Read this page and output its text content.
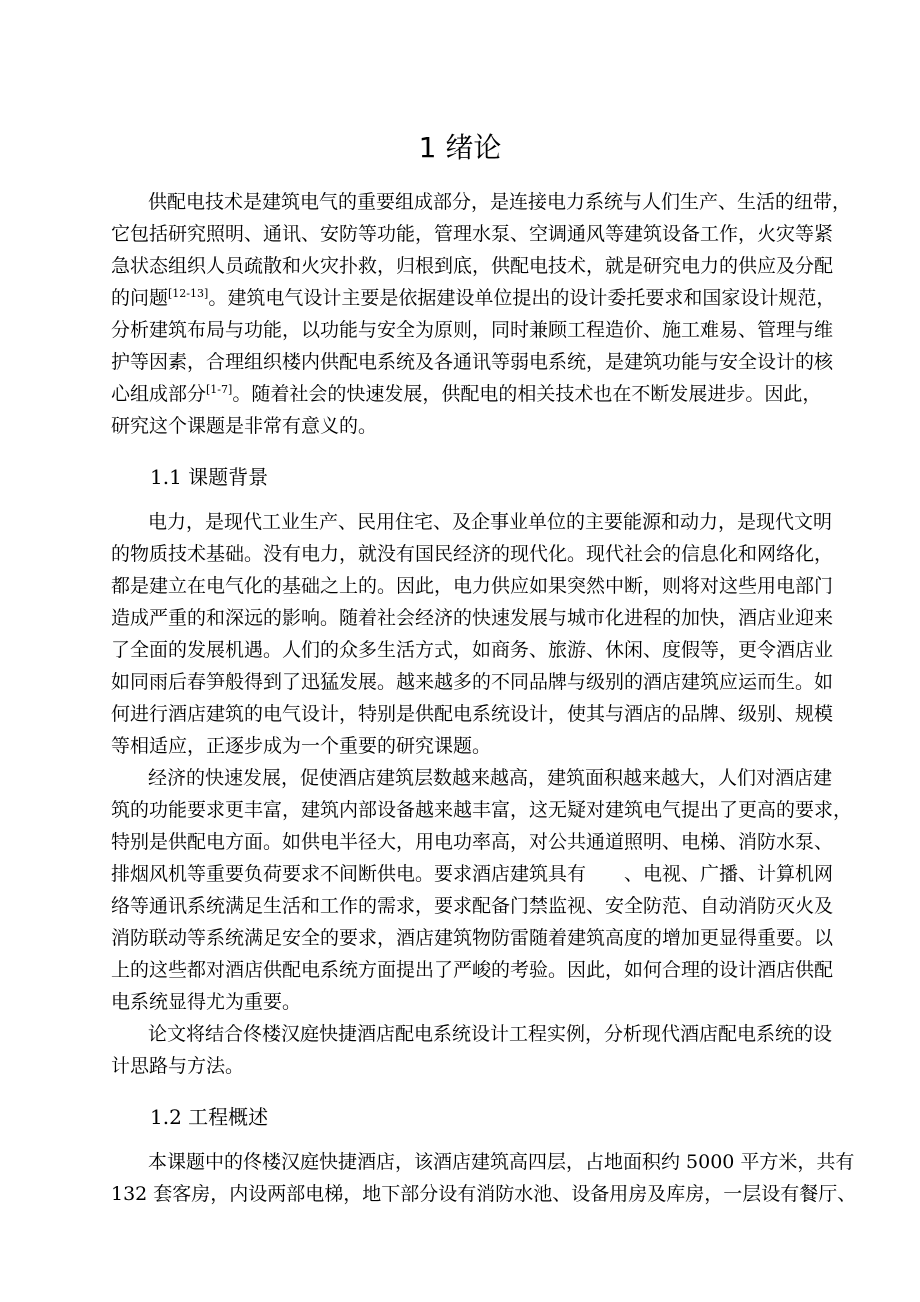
1 绪论
供配电技术是建筑电气的重要组成部分，是连接电力系统与人们生产、生活的纽带，
它包括研究照明、通讯、安防等功能，管理水泵、空调通风等建筑设备工作，火灾等紧
急状态组织人员疏散和火灾扑救，归根到底，供配电技术，就是研究电力的供应及分配
的问题[12-13]。建筑电气设计主要是依据建设单位提出的设计委托要求和国家设计规范，
分析建筑布局与功能，以功能与安全为原则，同时兼顾工程造价、施工难易、管理与维
护等因素，合理组织楼内供配电系统及各通讯等弱电系统，是建筑功能与安全设计的核
心组成部分[1-7]。随着社会的快速发展，供配电的相关技术也在不断发展进步。因此，
研究这个课题是非常有意义的。
1.1 课题背景
电力，是现代工业生产、民用住宅、及企事业单位的主要能源和动力，是现代文明
的物质技术基础。没有电力，就没有国民经济的现代化。现代社会的信息化和网络化，
都是建立在电气化的基础之上的。因此，电力供应如果突然中断，则将对这些用电部门
造成严重的和深远的影响。随着社会经济的快速发展与城市化进程的加快，酒店业迎来
了全面的发展机遇。人们的众多生活方式，如商务、旅游、休闲、度假等，更令酒店业
如同雨后春笋般得到了迅猛发展。越来越多的不同品牌与级别的酒店建筑应运而生。如
何进行酒店建筑的电气设计，特别是供配电系统设计，使其与酒店的品牌、级别、规模
等相适应，正逐步成为一个重要的研究课题。
经济的快速发展，促使酒店建筑层数越来越高，建筑面积越来越大，人们对酒店建
筑的功能要求更丰富，建筑内部设备越来越丰富，这无疑对建筑电气提出了更高的要求，
特别是供配电方面。如供电半径大，用电功率高，对公共通道照明、电梯、消防水泵、
排烟风机等重要负荷要求不间断供电。要求酒店建筑具有　　、电视、广播、计算机网
络等通讯系统满足生活和工作的需求，要求配备门禁监视、安全防范、自动消防灭火及
消防联动等系统满足安全的要求，酒店建筑物防雷随着建筑高度的增加更显得重要。以
上的这些都对酒店供配电系统方面提出了严峻的考验。因此，如何合理的设计酒店供配
电系统显得尤为重要。
论文将结合佟楼汉庭快捷酒店配电系统设计工程实例，分析现代酒店配电系统的设
计思路与方法。
1.2 工程概述
本课题中的佟楼汉庭快捷酒店，该酒店建筑高四层，占地面积约 5000 平方米，共有
132 套客房，内设两部电梯，地下部分设有消防水池、设备用房及库房，一层设有餐厅、
